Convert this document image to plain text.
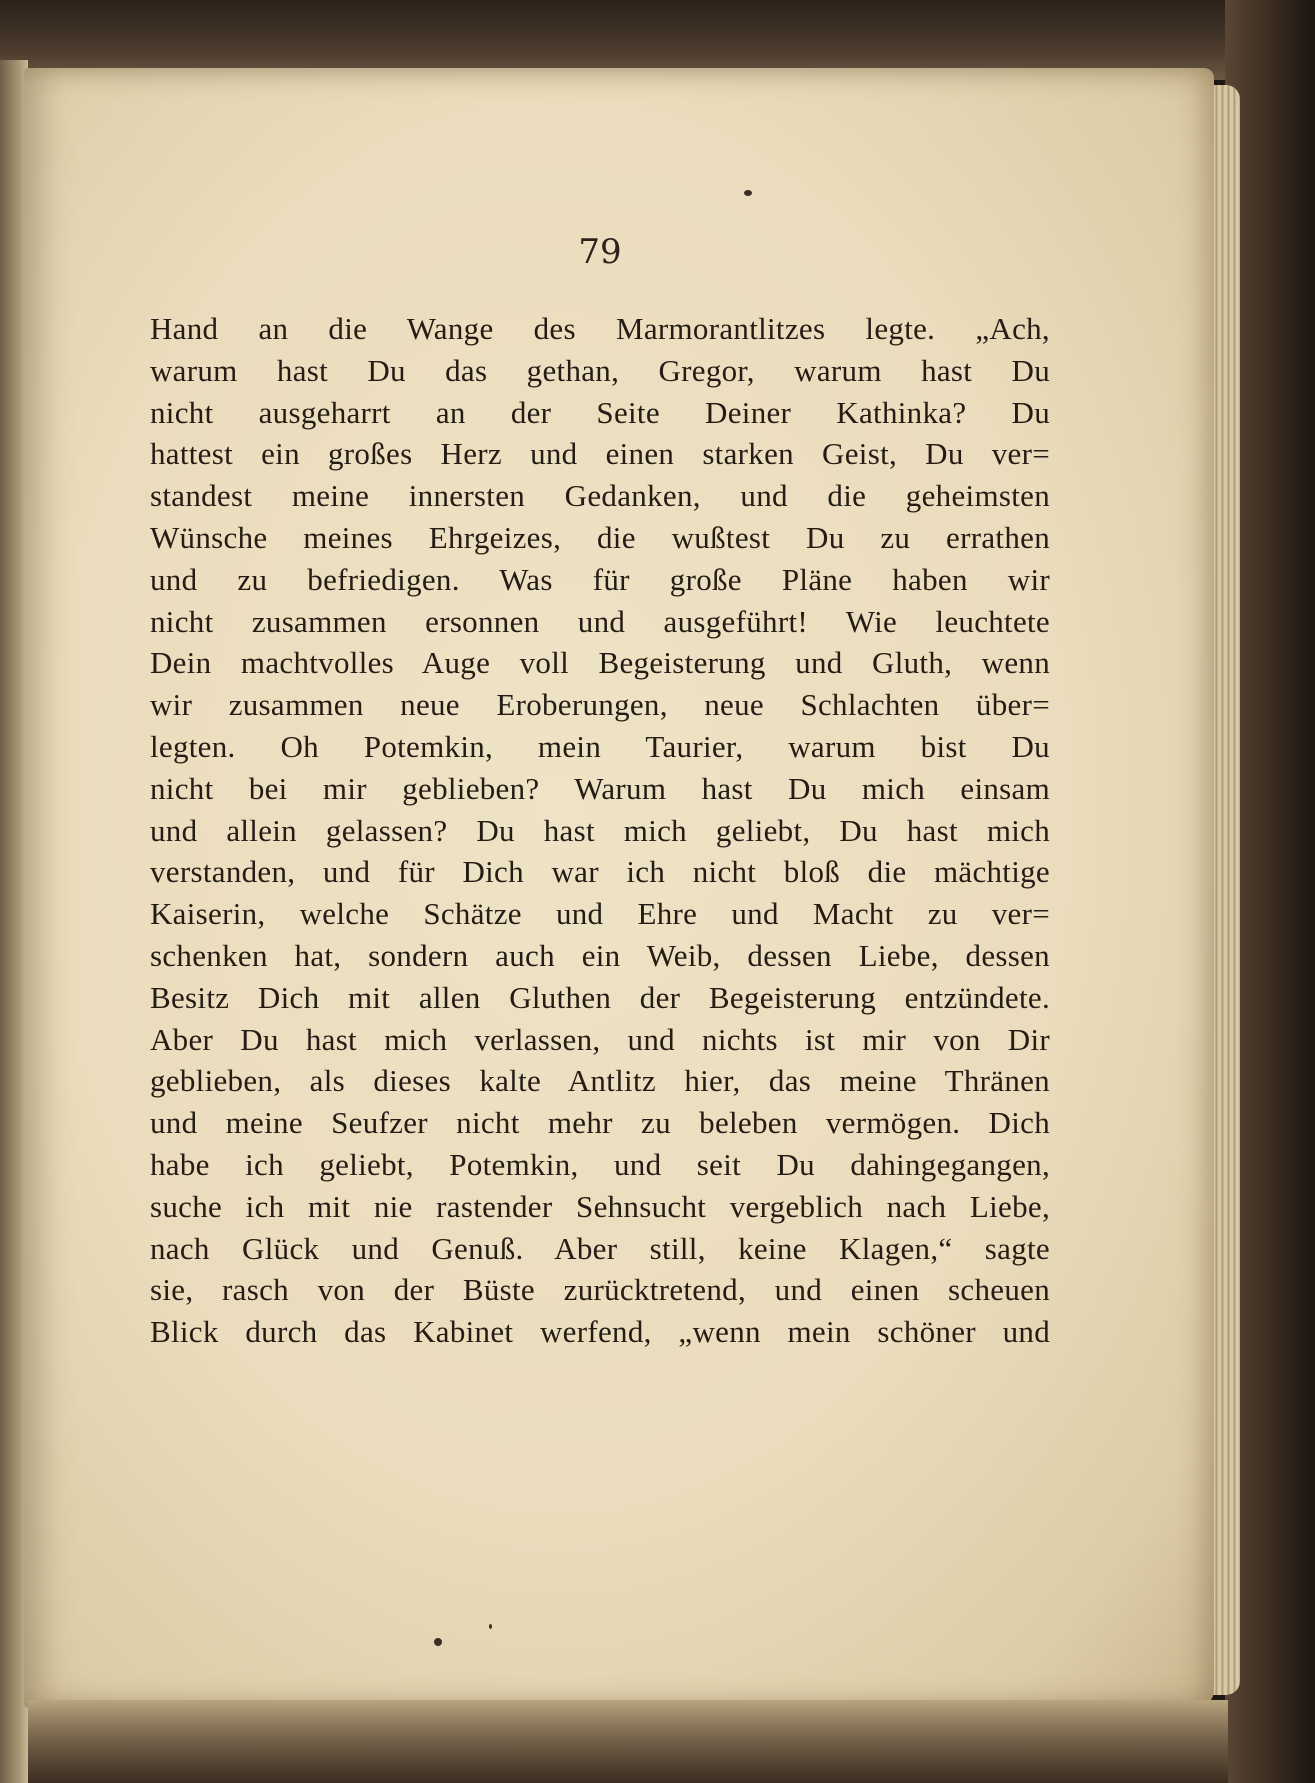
79
Hand an die Wange des Marmorantlitzes legte. „Ach,
warum hast Du das gethan, Gregor, warum hast Du
nicht ausgeharrt an der Seite Deiner Kathinka? Du
hattest ein großes Herz und einen starken Geist, Du ver=
standest meine innersten Gedanken, und die geheimsten
Wünsche meines Ehrgeizes, die wußtest Du zu errathen
und zu befriedigen. Was für große Pläne haben wir
nicht zusammen ersonnen und ausgeführt! Wie leuchtete
Dein machtvolles Auge voll Begeisterung und Gluth, wenn
wir zusammen neue Eroberungen, neue Schlachten über=
legten. Oh Potemkin, mein Taurier, warum bist Du
nicht bei mir geblieben? Warum hast Du mich einsam
und allein gelassen? Du hast mich geliebt, Du hast mich
verstanden, und für Dich war ich nicht bloß die mächtige
Kaiserin, welche Schätze und Ehre und Macht zu ver=
schenken hat, sondern auch ein Weib, dessen Liebe, dessen
Besitz Dich mit allen Gluthen der Begeisterung entzündete.
Aber Du hast mich verlassen, und nichts ist mir von Dir
geblieben, als dieses kalte Antlitz hier, das meine Thränen
und meine Seufzer nicht mehr zu beleben vermögen. Dich
habe ich geliebt, Potemkin, und seit Du dahingegangen,
suche ich mit nie rastender Sehnsucht vergeblich nach Liebe,
nach Glück und Genuß. Aber still, keine Klagen,“ sagte
sie, rasch von der Büste zurücktretend, und einen scheuen
Blick durch das Kabinet werfend, „wenn mein schöner und
